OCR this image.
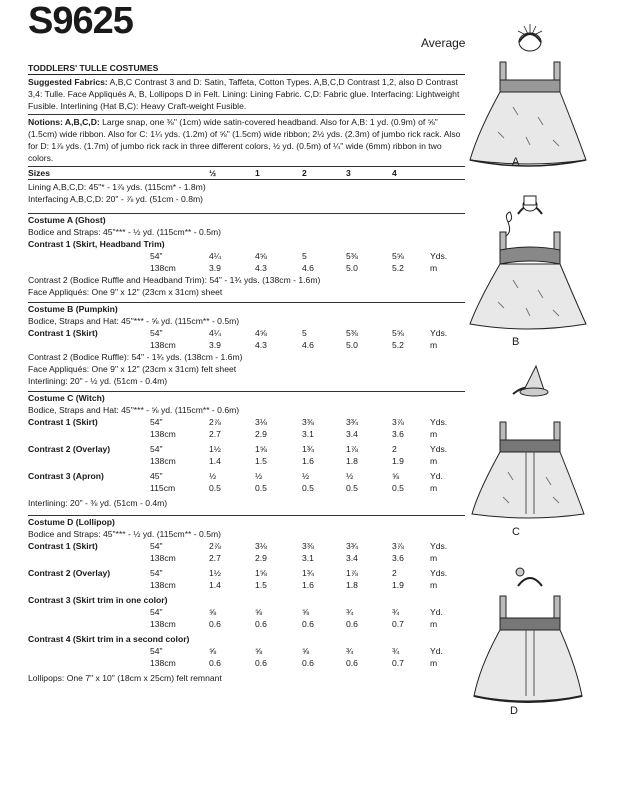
S9625
Average
TODDLERS' TULLE COSTUMES
Suggested Fabrics: A,B,C Contrast 3 and D: Satin, Taffeta, Cotton Types. A,B,C,D Contrast 1,2, also D Contrast 3,4: Tulle. Face Appliqués A, B, Lollipops D in Felt. Lining: Lining Fabric. C,D: Fabric glue. Interfacing: Lightweight Fusible. Interlining (Hat B,C): Heavy Craft-weight Fusible.
Notions: A,B,C,D: Large snap, one ⅜" (1cm) wide satin-covered headband. Also for A,B: 1 yd. (0.9m) of ⅝" (1.5cm) wide ribbon. Also for C: 1¼ yds. (1.2m) of ⅝" (1.5cm) wide ribbon; 2½ yds. (2.3m) of jumbo rick rack. Also for D: 1⅞ yds. (1.7m) of jumbo rick rack in three different colors, ½ yd. (0.5m) of ¼" wide (6mm) ribbon in two colors.
Sizes	½	1	2	3	4
Lining A,B,C,D: 45"* - 1⅞ yds. (115cm* - 1.8m)
Interfacing A,B,C,D: 20" - ⅞ yd. (51cm - 0.8m)
Costume A (Ghost)
Bodice and Straps: 45"*** - ½ yd. (115cm** - 0.5m)
Contrast 1 (Skirt, Headband Trim)
54"	4¼	4⅝	5	5⅜	5⅝	Yds.
138cm	3.9	4.3	4.6	5.0	5.2	m
Contrast 2 (Bodice Ruffle and Headband Trim): 54" - 1¾ yds. (138cm - 1.6m)
Face Appliqués: One 9" x 12" (23cm x 31cm) sheet
Costume B (Pumpkin)
Bodice, Straps and Hat: 45"*** - ⅝ yd. (115cm** - 0.5m)
Contrast 1 (Skirt)	54"	4¼	4⅝	5	5⅜	5⅝	Yds.
138cm	3.9	4.3	4.6	5.0	5.2	m
Contrast 2 (Bodice Ruffle): 54" - 1¾ yds. (138cm - 1.6m)
Face Appliqués: One 9" x 12" (23cm x 31cm) felt sheet
Interlining: 20" - ½ yd. (51cm - 0.4m)
Costume C (Witch)
Bodice, Straps and Hat: 45"*** - ⅝ yd. (115cm** - 0.6m)
Contrast 1 (Skirt)	54"	2⅞	3⅛	3⅜	3¾	3⅞	Yds.
138cm	2.7	2.9	3.1	3.4	3.6	m
Contrast 2 (Overlay)	54"	1½	1⅝	1¾	1⅞	2	Yds.
138cm	1.4	1.5	1.6	1.8	1.9	m
Contrast 3 (Apron)	45"	½	½	½	½	⅝	Yd.
115cm	0.5	0.5	0.5	0.5	0.5	m
Interlining: 20" - ⅜ yd. (51cm - 0.4m)
Costume D (Lollipop)
Bodice and Straps: 45"*** - ½ yd. (115cm** - 0.5m)
Contrast 1 (Skirt)	54"	2⅞	3⅛	3⅜	3¾	3⅞	Yds.
138cm	2.7	2.9	3.1	3.4	3.6	m
Contrast 2 (Overlay)	54"	1½	1⅝	1¾	1⅞	2	Yds.
138cm	1.4	1.5	1.6	1.8	1.9	m
Contrast 3 (Skirt trim in one color)
54"	⅝	⅝	⅝	¾	¾	Yd.
138cm	0.6	0.6	0.6	0.6	0.7	m
Contrast 4 (Skirt trim in a second color)
54"	⅝	⅝	⅝	¾	¾	Yd.
138cm	0.6	0.6	0.6	0.6	0.7	m
Lollipops: One 7" x 10" (18cm x 25cm) felt remnant
A
B
C
D
